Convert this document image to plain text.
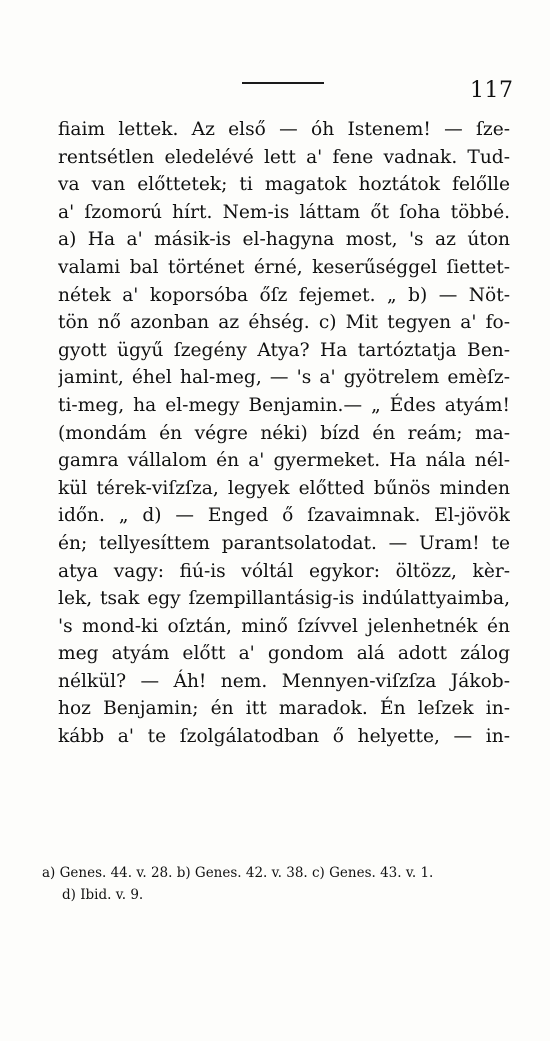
117
fiaim lettek. Az első — óh Istenem! — ſze-
rentsétlen eledelévé lett a' fene vadnak. Tud-
va van előttetek; ti magatok hoztátok felőlle
a' ſzomorú hírt. Nem-is láttam őt ſoha többé.
a) Ha a' másik-is el-hagyna most, 's az úton
valami bal történet érné, keserűséggel ſiettet-
nétek a' koporsóba őſz fejemet. „ b) — Nöt-
tön nő azonban az éhség. c) Mit tegyen a' fo-
gyott ügyű ſzegény Atya? Ha tartóztatja Ben-
jamint, éhel hal-meg, — 's a' gyötrelem emèſz-
ti-meg, ha el-megy Benjamin.— „ Édes atyám!
(mondám én végre néki) bízd én reám; ma-
gamra vállalom én a' gyermeket. Ha nála nél-
kül térek-viſzſza, legyek előtted bűnös minden
időn. „ d) — Enged ő ſzavaimnak. El-jövök
én; tellyesíttem parantsolatodat. — Uram! te
atya vagy: fiú-is vóltál egykor: öltözz, kèr-
lek, tsak egy ſzempillantásig-is indúlattyaimba,
's mond-ki oſztán, minő ſzívvel jelenhetnék én
meg atyám előtt a' gondom alá adott zálog
nélkül? — Áh! nem. Mennyen-viſzſza Jákob-
hoz Benjamin; én itt maradok. Én leſzek in-
kább a' te ſzolgálatodban ő helyette, — in-
a) Genes. 44. v. 28. b) Genes. 42. v. 38. c) Genes. 43. v. 1.
d) Ibid. v. 9.
